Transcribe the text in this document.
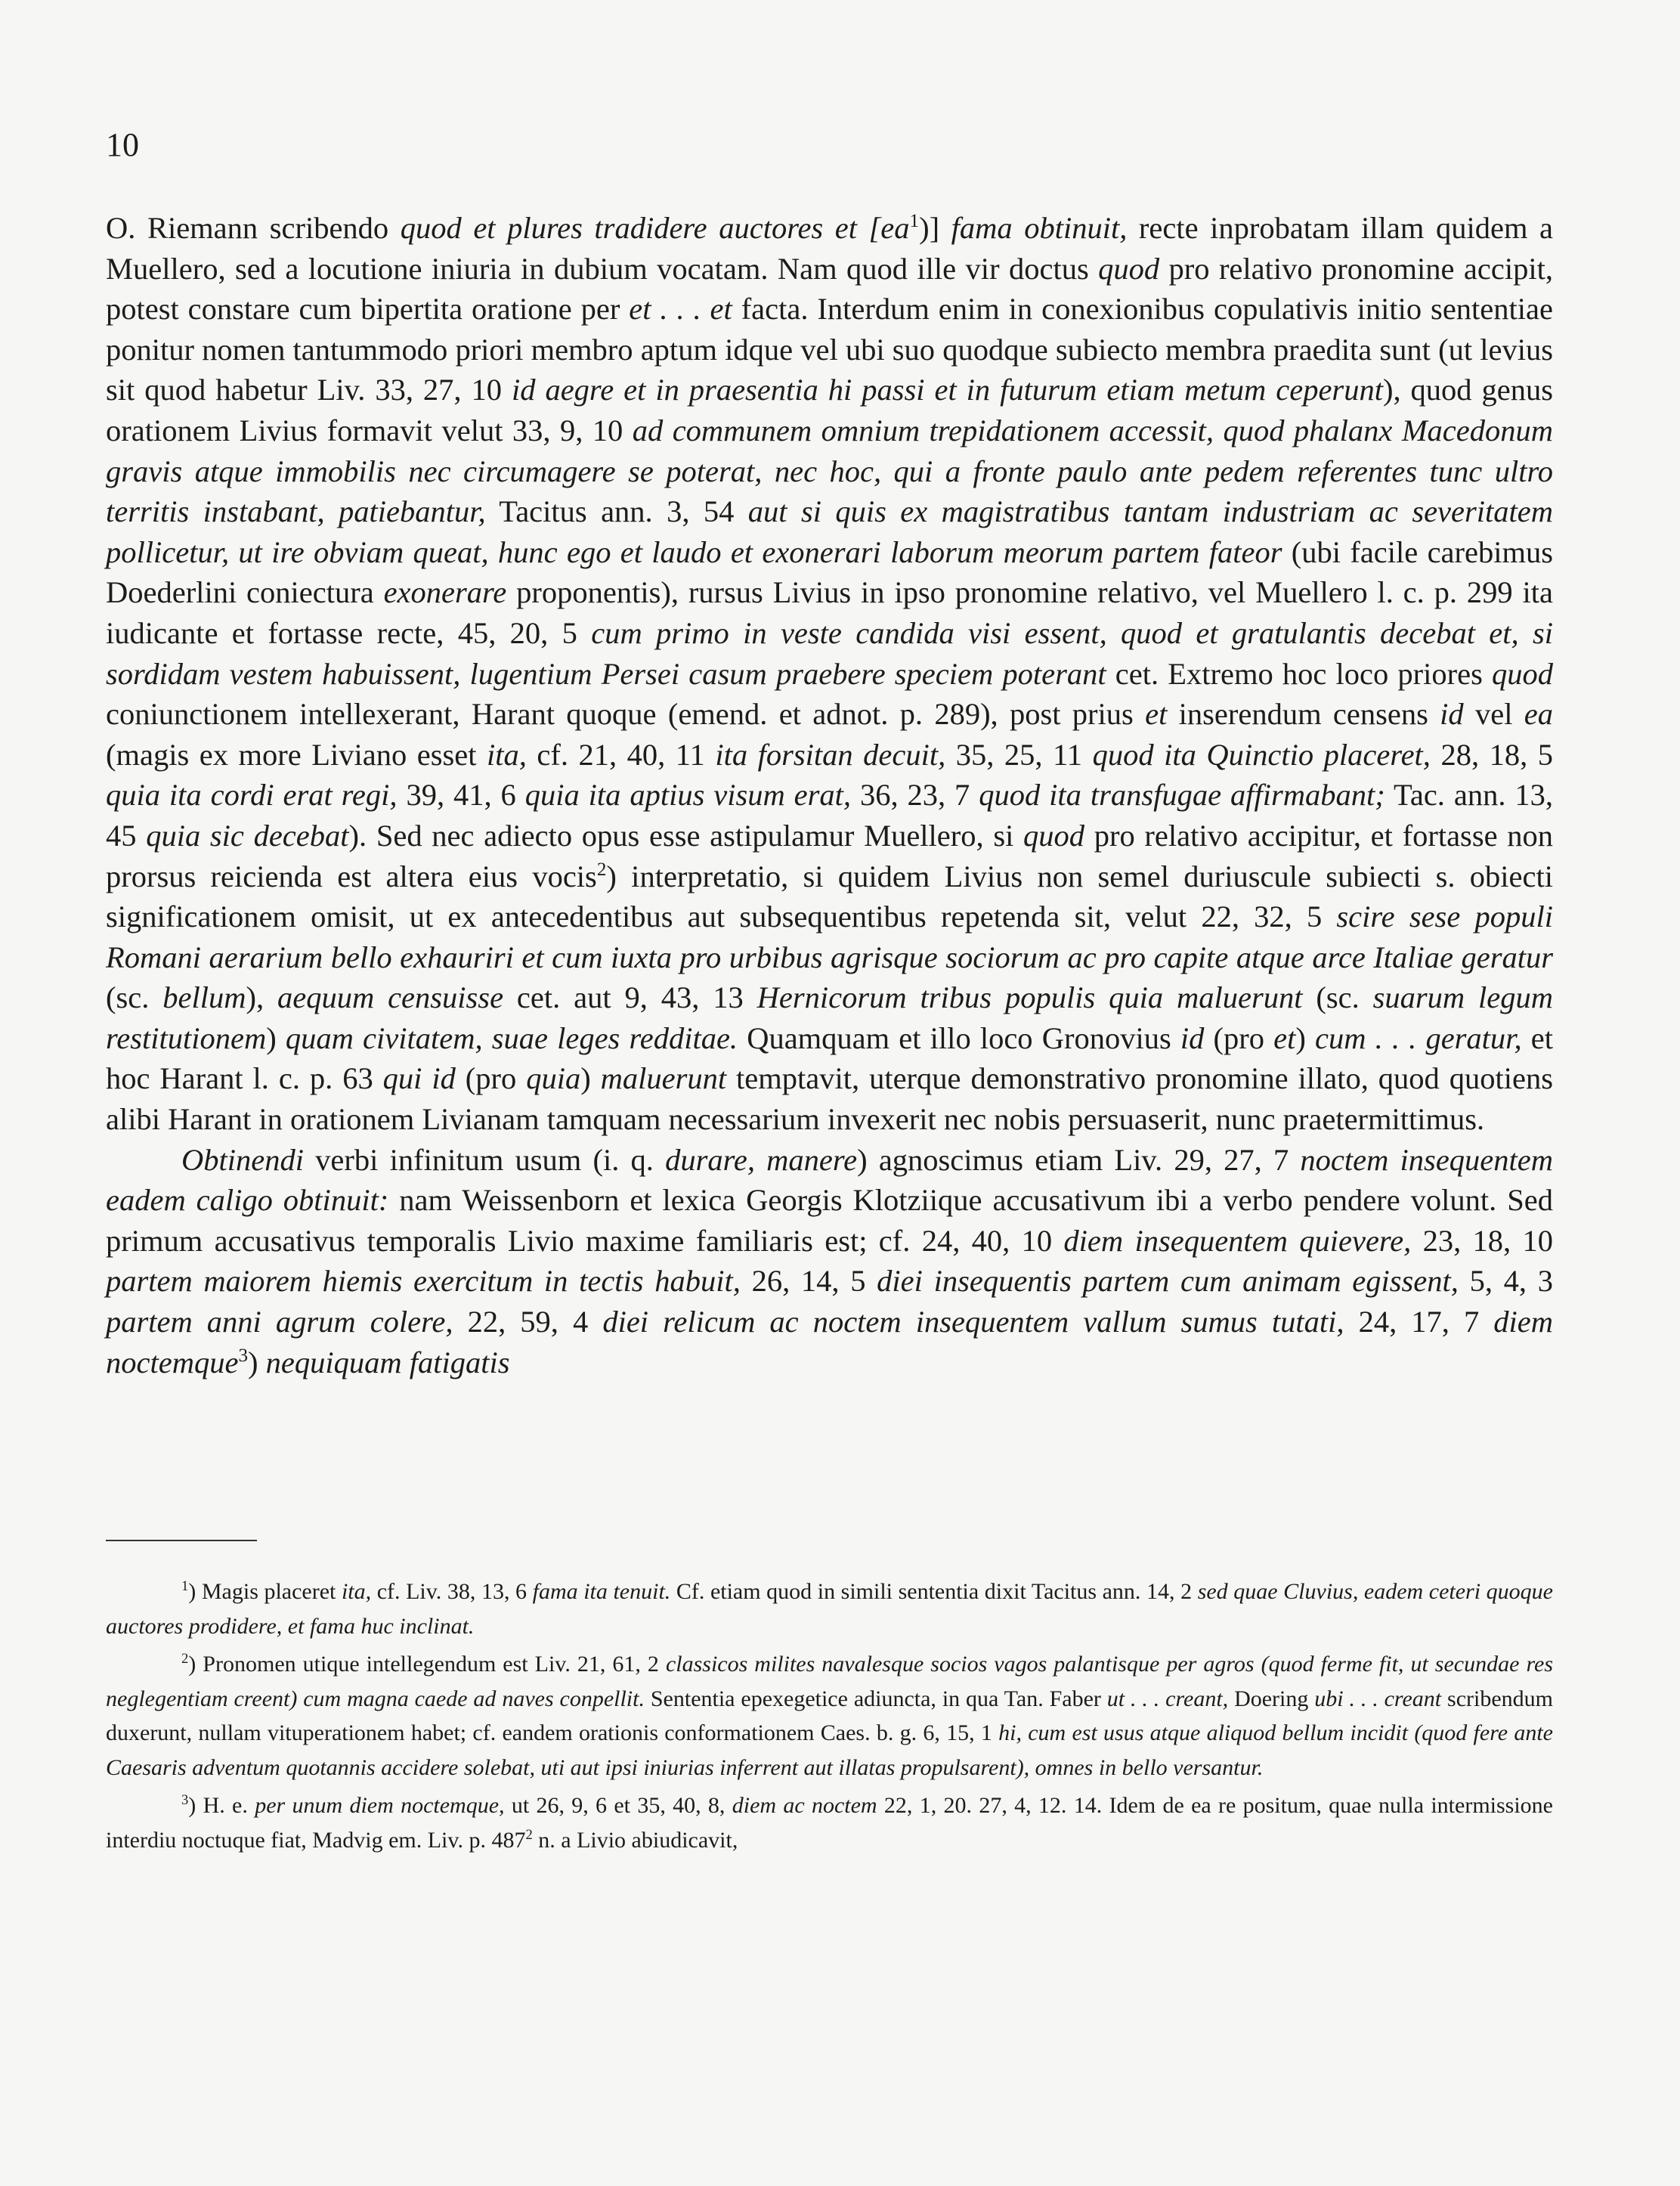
10

O. Riemann scribendo quod et plures tradidere auctores et $[ea^1)$] fama obtinuit, recte inprobatam illam quidem a Muellero, sed a locutione iniuria in dubium vocatam. Nam quod ille vir doctus quod pro relativo pronomine accipit, potest constare cum bipertita oratione per et . . . et facta. Interdum enim in conexionibus copulativis initio sententiae ponitur nomen tantummodo priori membro aptum idque vel ubi suo quodque subiecto membra praedita sunt (ut levius sit quod habetur Liv. 33, 27, 10 id aegre et in praesentia hi passi et in futurum etiam metum ceperunt), quod genus orationem Livius formavit velut 33, 9, 10 ad communem omnium trepidationem accessit, quod phalanx Macedonum gravis atque immobilis nec circumagere se poterat, nec hoc, qui a fronte paulo ante pedem referentes tunc ultro territis instabant, patiebantur, Tacitus ann. 3, 54 aut si quis ex magistratibus tantam industriam ac severitatem pollicetur, ut ire obviam queat, hunc ego et laudo et exonerari laborum meorum partem fateor (ubi facile carebimus Doederlini coniectura exonerare proponentis), rursus Livius in ipso pronomine relativo, vel Muellero l. c. p. 299 ita iudicante et fortasse recte, 45, 20, 5 cum primo in veste candida visi essent, quod et gratulantis decebat et, si sordidam vestem habuissent, lugentium Persei casum praebere speciem poterant cet. Extremo hoc loco priores quod coniunctionem intellexerant, Harant quoque (emend. et adnot. p. 289), post prius et inserendum censens id vel ea (magis ex more Liviano esset ita, cf. 21, 40, 11 ita forsitan decuit, 35, 25, 11 quod ita Quinctio placeret, 28, 18, 5 quia ita cordi erat regi, 39, 41, 6 quia ita aptius visum erat, 36, 23, 7 quod ita transfugae affirmabant; Tac. ann. 13, 45 quia sic decebat). Sed nec adiecto opus esse astipulamur Muellero, si quod pro relativo accipitur, et fortasse non prorsus reicienda est altera eius vocis$^2$) interpretatio, si quidem Livius non semel duriuscule subiecti s. obiecti significationem omisit, ut ex antecedentibus aut subsequentibus repetenda sit, velut 22, 32, 5 scire sese populi Romani aerarium bello exhauriri et cum iuxta pro urbibus agrisque sociorum ac pro capite atque arce Italiae geratur (sc. bellum), aequum censuisse cet. aut 9, 43, 13 Hernicorum tribus populis quia maluerunt (sc. suarum legum restitutionem) quam civitatem, suae leges redditae. Quamquam et illo loco Gronovius id (pro et) cum . . . geratur, et hoc Harant l. c. p. 63 qui id (pro quia) maluerunt temptavit, uterque demonstrativo pronomine illato, quod quotiens alibi Harant in orationem Livianam tamquam necessarium invexerit nec nobis persuaserit, nunc praetermittimus.

Obtinendi verbi infinitum usum (i. q. durare, manere) agnoscimus etiam Liv. 29, 27, 7 noctem insequentem eadem caligo obtinuit: nam Weissenborn et lexica Georgis Klotziique accusativum ibi a verbo pendere volunt. Sed primum accusativus temporalis Livio maxime familiaris est; cf. 24, 40, 10 diem insequentem quievere, 23, 18, 10 partem maiorem hiemis exercitum in tectis habuit, 26, 14, 5 diei insequentis partem cum animam egissent, 5, 4, 3 partem anni agrum colere, 22, 59, 4 diei relicum ac noctem insequentem vallum sumus tutati, 24, 17, 7 diem noctemque$^3$) nequiquam fatigatis

$^1$) Magis placeret ita, cf. Liv. 38, 13, 6 fama ita tenuit. Cf. etiam quod in simili sententia dixit Tacitus ann. 14, 2 sed quae Cluvius, eadem ceteri quoque auctores prodidere, et fama huc inclinat.

$^2$) Pronomen utique intellegendum est Liv. 21, 61, 2 classicos milites navalesque socios vagos palantisque per agros (quod ferme fit, ut secundae res neglegentiam creent) cum magna caede ad naves conpellit. Sententia epexegetice adiuncta, in qua Tan. Faber ut . . . creant, Doering ubi . . . creant scribendum duxerunt, nullam vituperationem habet; cf. eandem orationis conformationem Caes. b. g. 6, 15, 1 hi, cum est usus atque aliquod bellum incidit (quod fere ante Caesaris adventum quotannis accidere solebat, uti aut ipsi iniurias inferrent aut illatas propulsarent), omnes in bello versantur.

$^3$) H. e. per unum diem noctemque, ut 26, 9, 6 et 35, 40, 8, diem ac noctem 22, 1, 20. 27, 4, 12. 14. Idem de ea re positum, quae nulla intermissione interdiu noctuque fiat, Madvig em. Liv. p. $487^2$ n. a Livio abiudicavit,
